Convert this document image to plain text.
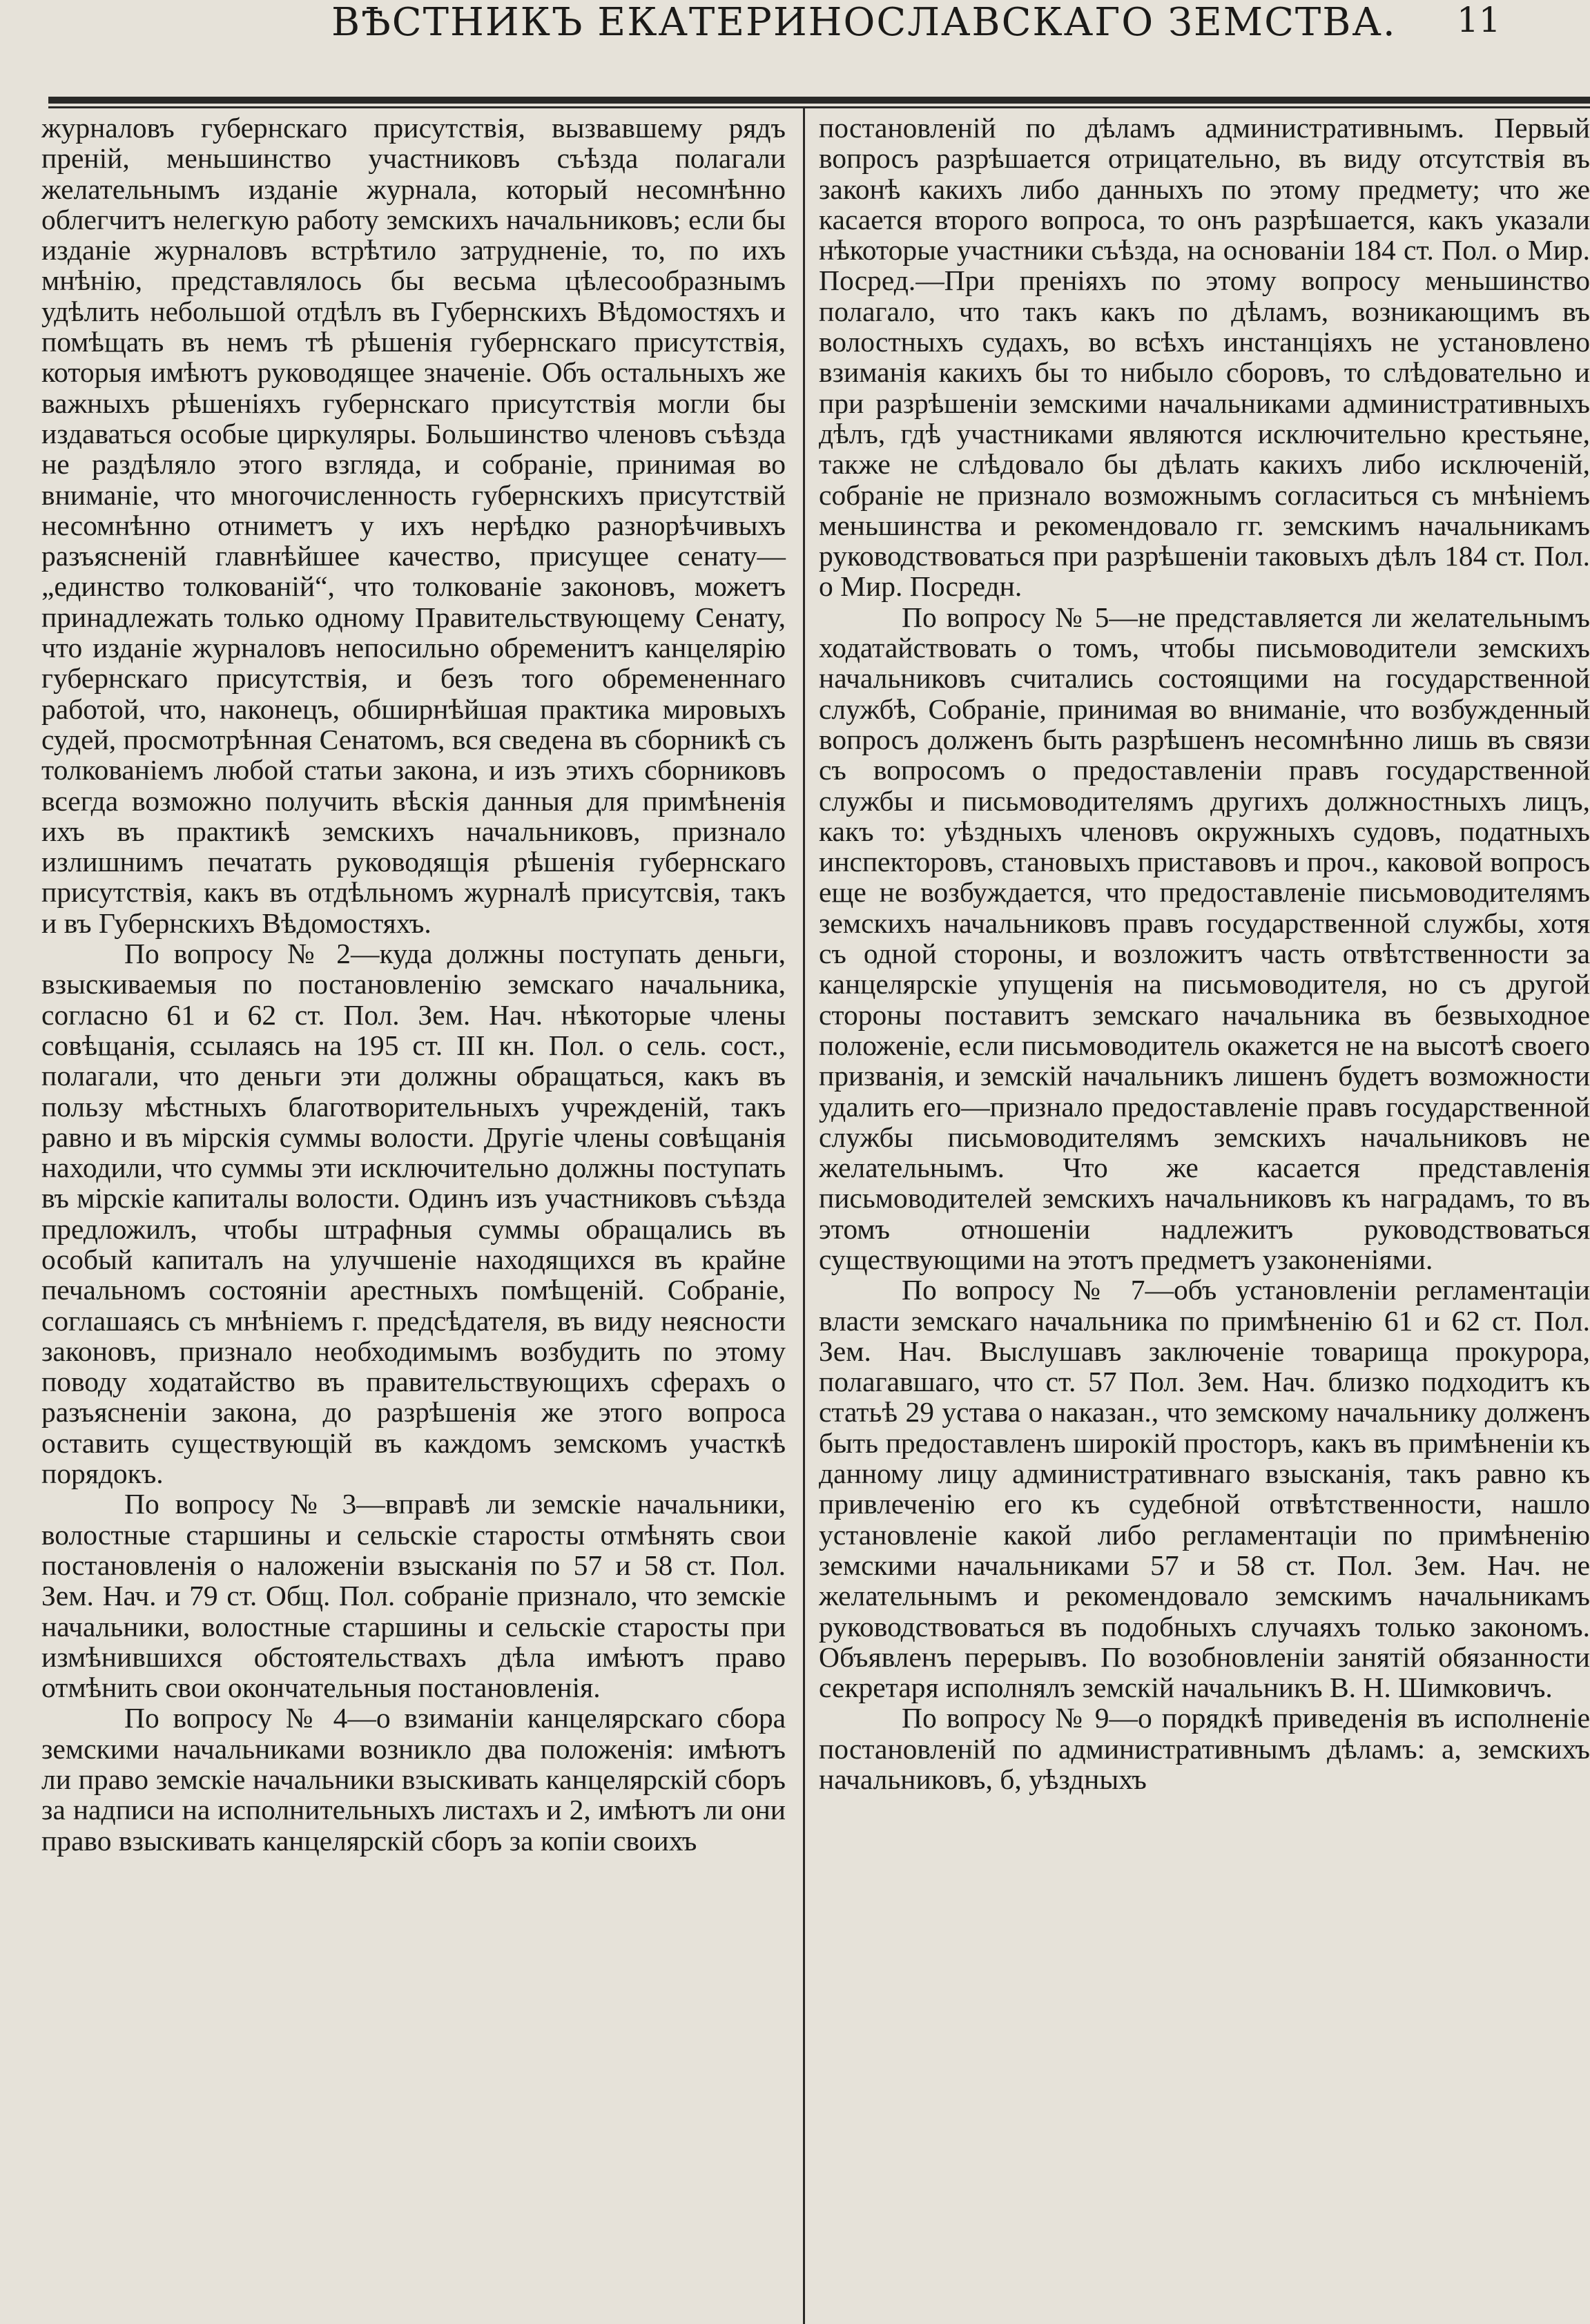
ВѢСТНИКЪ ЕКАТЕРИНОСЛАВСКАГО ЗЕМСТВА. 11

журналовъ губернскаго присутствія, вызвавшему рядъ преній, меньшинство участниковъ съѣзда полагали желательнымъ изданіе журнала, который несомнѣнно облегчитъ нелегкую работу земскихъ начальниковъ; если бы изданіе журналовъ встрѣтило затрудненіе, то, по ихъ мнѣнію, представлялось бы весьма цѣлесообразнымъ удѣлить небольшой отдѣлъ въ Губернскихъ Вѣдомостяхъ и помѣщать въ немъ тѣ рѣшенія губернскаго присутствія, которыя имѣютъ руководящее значеніе. Объ остальныхъ же важныхъ рѣшеніяхъ губернскаго присутствія могли бы издаваться особые циркуляры. Большинство членовъ съѣзда не раздѣляло этого взгляда, и собраніе, принимая во вниманіе, что многочисленность губернскихъ присутствій несомнѣнно отниметъ у ихъ нерѣдко разнорѣчивыхъ разъясненій главнѣйшее качество, присущее сенату—„единство толкованій“, что толкованіе законовъ, можетъ принадлежать только одному Правительствующему Сенату, что изданіе журналовъ непосильно обременитъ канцелярію губернскаго присутствія, и безъ того обремененнаго работой, что, наконецъ, обширнѣйшая практика мировыхъ судей, просмотрѣнная Сенатомъ, вся сведена въ сборникѣ съ толкованіемъ любой статьи закона, и изъ этихъ сборниковъ всегда возможно получить вѣскія данныя для примѣненія ихъ въ практикѣ земскихъ начальниковъ, признало излишнимъ печатать руководящія рѣшенія губернскаго присутствія, какъ въ отдѣльномъ журналѣ присутсвія, такъ и въ Губернскихъ Вѣдомостяхъ.

По вопросу № 2—куда должны поступать деньги, взыскиваемыя по постановленію земскаго начальника, согласно 61 и 62 ст. Пол. Зем. Нач. нѣкоторые члены совѣщанія, ссылаясь на 195 ст. III кн. Пол. о сель. сост., полагали, что деньги эти должны обращаться, какъ въ пользу мѣстныхъ благотворительныхъ учрежденій, такъ равно и въ мірскія суммы волости. Другіе члены совѣщанія находили, что суммы эти исключительно должны поступать въ мірскіе капиталы волости. Одинъ изъ участниковъ съѣзда предложилъ, чтобы штрафныя суммы обращались въ особый капиталъ на улучшеніе находящихся въ крайне печальномъ состояніи арестныхъ помѣщеній. Собраніе, соглашаясь съ мнѣніемъ г. предсѣдателя, въ виду неясности законовъ, признало необходимымъ возбудить по этому поводу ходатайство въ правительствующихъ сферахъ о разъясненіи закона, до разрѣшенія же этого вопроса оставить существующій въ каждомъ земскомъ участкѣ порядокъ.

По вопросу № 3—вправѣ ли земскіе начальники, волостные старшины и сельскіе старосты отмѣнять свои постановленія о наложеніи взысканія по 57 и 58 ст. Пол. Зем. Нач. и 79 ст. Общ. Пол. собраніе признало, что земскіе начальники, волостные старшины и сельскіе старосты при измѣнившихся обстоятельствахъ дѣла имѣютъ право отмѣнить свои окончательныя постановленія.

По вопросу № 4—о взиманіи канцелярскаго сбора земскими начальниками возникло два положенія: имѣютъ ли право земскіе начальники взыскивать канцелярскій сборъ за надписи на исполнительныхъ листахъ и 2, имѣютъ ли они право взыскивать канцелярскій сборъ за копіи своихъ

постановленій по дѣламъ административнымъ. Первый вопросъ разрѣшается отрицательно, въ виду отсутствія въ законѣ какихъ либо данныхъ по этому предмету; что же касается второго вопроса, то онъ разрѣшается, какъ указали нѣкоторые участники съѣзда, на основаніи 184 ст. Пол. о Мир. Посред.—При преніяхъ по этому вопросу меньшинство полагало, что такъ какъ по дѣламъ, возникающимъ въ волостныхъ судахъ, во всѣхъ инстанціяхъ не установлено взиманія какихъ бы то нибыло сборовъ, то слѣдовательно и при разрѣшеніи земскими начальниками административныхъ дѣлъ, гдѣ участниками являются исключительно крестьяне, также не слѣдовало бы дѣлать какихъ либо исключеній, собраніе не признало возможнымъ согласиться съ мнѣніемъ меньшинства и рекомендовало гг. земскимъ начальникамъ руководствоваться при разрѣшеніи таковыхъ дѣлъ 184 ст. Пол. о Мир. Посредн.

По вопросу № 5—не представляется ли желательнымъ ходатайствовать о томъ, чтобы письмоводители земскихъ начальниковъ считались состоящими на государственной службѣ, Собраніе, принимая во вниманіе, что возбужденный вопросъ долженъ быть разрѣшенъ несомнѣнно лишь въ связи съ вопросомъ о предоставленіи правъ государственной службы и письмоводителямъ другихъ должностныхъ лицъ, какъ то: уѣздныхъ членовъ окружныхъ судовъ, податныхъ инспекторовъ, становыхъ приставовъ и проч., каковой вопросъ еще не возбуждается, что предоставленіе письмоводителямъ земскихъ начальниковъ правъ государственной службы, хотя съ одной стороны, и возложитъ часть отвѣтственности за канцелярскіе упущенія на письмоводителя, но съ другой стороны поставитъ земскаго начальника въ безвыходное положеніе, если письмоводитель окажется не на высотѣ своего призванія, и земскій начальникъ лишенъ будетъ возможности удалить его—признало предоставленіе правъ государственной службы письмоводителямъ земскихъ начальниковъ не желательнымъ. Что же касается представленія письмоводителей земскихъ начальниковъ къ наградамъ, то въ этомъ отношеніи надлежитъ руководствоваться существующими на этотъ предметъ узаконеніями.

По вопросу № 7—объ установленіи регламентаціи власти земскаго начальника по примѣненію 61 и 62 ст. Пол. Зем. Нач. Выслушавъ заключеніе товарища прокурора, полагавшаго, что ст. 57 Пол. Зем. Нач. близко подходитъ къ статьѣ 29 устава о наказан., что земскому начальнику долженъ быть предоставленъ широкій просторъ, какъ въ примѣненіи къ данному лицу административнаго взысканія, такъ равно къ привлеченію его къ судебной отвѣтственности, нашло установленіе какой либо регламентаціи по примѣненію земскими начальниками 57 и 58 ст. Пол. Зем. Нач. не желательнымъ и рекомендовало земскимъ начальникамъ руководствоваться въ подобныхъ случаяхъ только закономъ. Объявленъ перерывъ. По возобновленіи занятій обязанности секретаря исполнялъ земскій начальникъ В. Н. Шимковичъ.

По вопросу № 9—о порядкѣ приведенія въ исполненіе постановленій по административнымъ дѣламъ: а, земскихъ начальниковъ, б, уѣздныхъ
